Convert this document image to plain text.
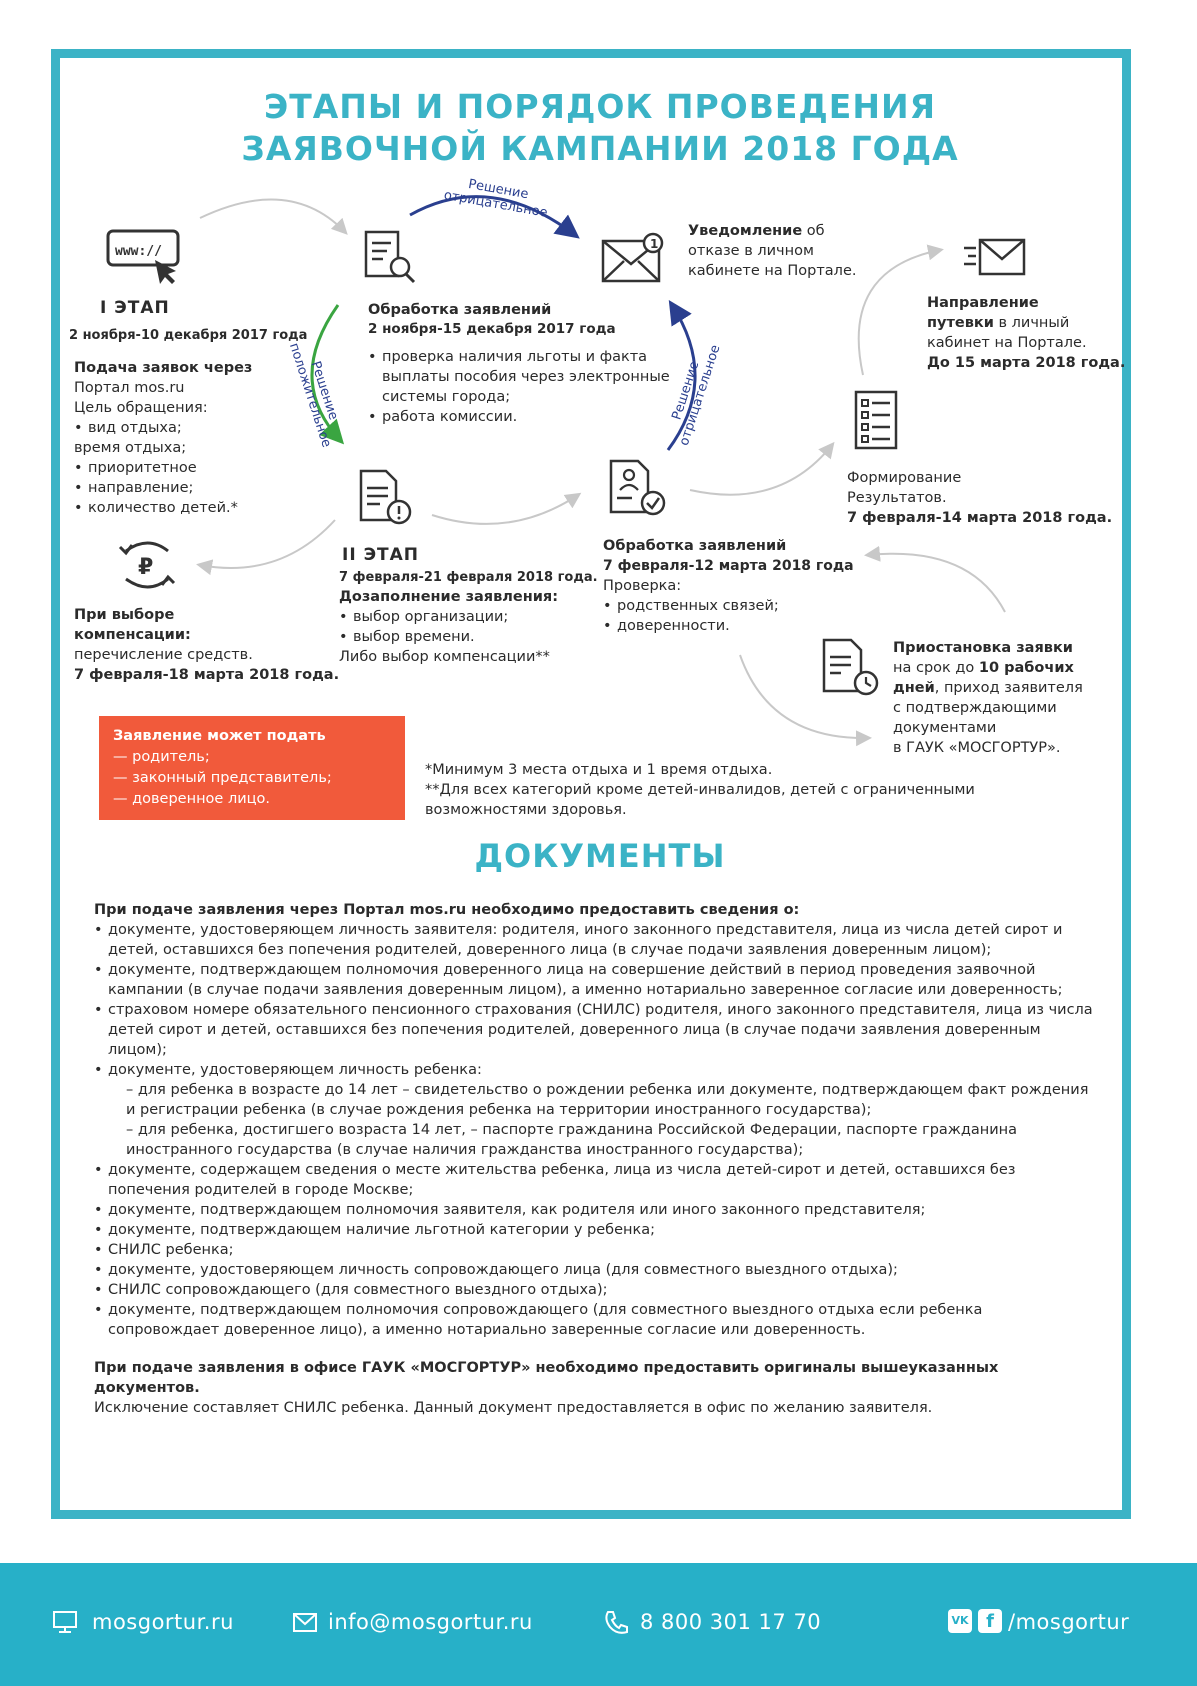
ЭТАПЫ И ПОРЯДОК ПРОВЕДЕНИЯ
ЗАЯВОЧНОЙ КАМПАНИИ 2018 ГОДА
Решение отрицательное
Решение положительное	Решение отрицательное
www://	1
₽
I ЭТАП
2 ноября-10 декабря 2017 года
Подача заявок через
Портал mos.ru
Цель обращения:
• вид отдыха;
время отдыха;
• приоритетное
• направление;
• количество детей.*
Обработка заявлений
2 ноября-15 декабря 2017 года
• проверка наличия льготы и факта выплаты пособия через электронные системы города;
• работа комиссии.
Уведомление об
отказе в личном
кабинете на Портале.
Направление
путевки в личный
кабинет на Портале.
До 15 марта 2018 года.
Формирование
Результатов.
7 февраля-14 марта 2018 года.
II ЭТАП
7 февраля-21 февраля 2018 года.
Дозаполнение заявления:
• выбор организации;
• выбор времени.
Либо выбор компенсации**
При выборе
компенсации:
перечисление средств.
7 февраля-18 марта 2018 года.
Обработка заявлений
7 февраля-12 марта 2018 года
Проверка:
• родственных связей;
• доверенности.
Приостановка заявки
на срок до 10 рабочих
дней, приход заявителя
с подтверждающими
документами
в ГАУК «МОСГОРТУР».
Заявление может подать
— родитель;
— законный представитель;
— доверенное лицо.
*Минимум 3 места отдыха и 1 время отдыха.
**Для всех категорий кроме детей-инвалидов, детей с ограниченными
возможностями здоровья.
ДОКУМЕНТЫ
При подаче заявления через Портал mos.ru необходимо предоставить сведения о:
• документе, удостоверяющем личность заявителя: родителя, иного законного представителя, лица из числа детей сирот и детей, оставшихся без попечения родителей, доверенного лица (в случае подачи заявления доверенным лицом);
• документе, подтверждающем полномочия доверенного лица на совершение действий в период проведения заявочной кампании (в случае подачи заявления доверенным лицом), а именно нотариально заверенное согласие или доверенность;
• страховом номере обязательного пенсионного страхования (СНИЛС) родителя, иного законного представителя, лица из числа детей сирот и детей, оставшихся без попечения родителей, доверенного лица (в случае подачи заявления доверенным лицом);
• документе, удостоверяющем личность ребенка:
– для ребенка в возрасте до 14 лет – свидетельство о рождении ребенка или документе, подтверждающем факт рождения и регистрации ребенка (в случае рождения ребенка на территории иностранного государства);
– для ребенка, достигшего возраста 14 лет, – паспорте гражданина Российской Федерации, паспорте гражданина иностранного государства (в случае наличия гражданства иностранного государства);
• документе, содержащем сведения о месте жительства ребенка, лица из числа детей-сирот и детей, оставшихся без попечения родителей в городе Москве;
• документе, подтверждающем полномочия заявителя, как родителя или иного законного представителя;
• документе, подтверждающем наличие льготной категории у ребенка;
• СНИЛС ребенка;
• документе, удостоверяющем личность сопровождающего лица (для совместного выездного отдыха);
• СНИЛС сопровождающего (для совместного выездного отдыха);
• документе, подтверждающем полномочия сопровождающего (для совместного выездного отдыха если ребенка сопровождает доверенное лицо), а именно нотариально заверенные согласие или доверенность.
При подаче заявления в офисе ГАУК «МОСГОРТУР» необходимо предоставить оригиналы вышеуказанных документов.
Исключение составляет СНИЛС ребенка. Данный документ предоставляется в офис по желанию заявителя.
mosgortur.ru	info@mosgortur.ru	8 800 301 17 70	VK f /mosgortur
